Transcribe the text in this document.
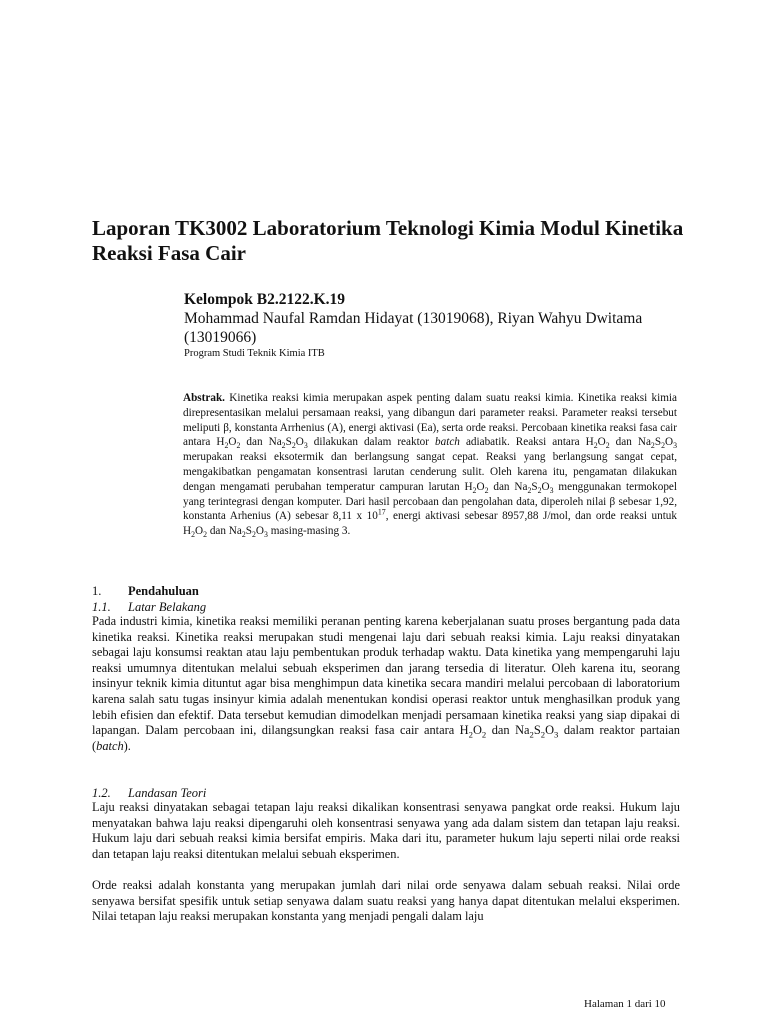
Laporan TK3002 Laboratorium Teknologi Kimia Modul Kinetika Reaksi Fasa Cair
Kelompok B2.2122.K.19
Mohammad Naufal Ramdan Hidayat (13019068), Riyan Wahyu Dwitama (13019066)
Program Studi Teknik Kimia ITB
Abstrak. Kinetika reaksi kimia merupakan aspek penting dalam suatu reaksi kimia. Kinetika reaksi kimia direpresentasikan melalui persamaan reaksi, yang dibangun dari parameter reaksi. Parameter reaksi tersebut meliputi β, konstanta Arrhenius (A), energi aktivasi (Ea), serta orde reaksi. Percobaan kinetika reaksi fasa cair antara $H_2O_2$ dan $Na_2S_2O_3$ dilakukan dalam reaktor batch adiabatik. Reaksi antara $H_2O_2$ dan $Na_2S_2O_3$ merupakan reaksi eksotermik dan berlangsung sangat cepat. Reaksi yang berlangsung sangat cepat, mengakibatkan pengamatan konsentrasi larutan cenderung sulit. Oleh karena itu, pengamatan dilakukan dengan mengamati perubahan temperatur campuran larutan $H_2O_2$ dan $Na_2S_2O_3$ menggunakan termokopel yang terintegrasi dengan komputer. Dari hasil percobaan dan pengolahan data, diperoleh nilai β sebesar 1,92, konstanta Arhenius (A) sebesar 8,11 x $10^{17}$, energi aktivasi sebesar 8957,88 J/mol, dan orde reaksi untuk $H_2O_2$ dan $Na_2S_2O_3$ masing-masing 3.
1. Pendahuluan
1.1. Latar Belakang
Pada industri kimia, kinetika reaksi memiliki peranan penting karena keberjalanan suatu proses bergantung pada data kinetika reaksi. Kinetika reaksi merupakan studi mengenai laju dari sebuah reaksi kimia. Laju reaksi dinyatakan sebagai laju konsumsi reaktan atau laju pembentukan produk terhadap waktu. Data kinetika yang mempengaruhi laju reaksi umumnya ditentukan melalui sebuah eksperimen dan jarang tersedia di literatur. Oleh karena itu, seorang insinyur teknik kimia dituntut agar bisa menghimpun data kinetika secara mandiri melalui percobaan di laboratorium karena salah satu tugas insinyur kimia adalah menentukan kondisi operasi reaktor untuk menghasilkan produk yang lebih efisien dan efektif. Data tersebut kemudian dimodelkan menjadi persamaan kinetika reaksi yang siap dipakai di lapangan. Dalam percobaan ini, dilangsungkan reaksi fasa cair antara $H_2O_2$ dan $Na_2S_2O_3$ dalam reaktor partaian (batch).
1.2. Landasan Teori
Laju reaksi dinyatakan sebagai tetapan laju reaksi dikalikan konsentrasi senyawa pangkat orde reaksi. Hukum laju menyatakan bahwa laju reaksi dipengaruhi oleh konsentrasi senyawa yang ada dalam sistem dan tetapan laju reaksi. Hukum laju dari sebuah reaksi kimia bersifat empiris. Maka dari itu, parameter hukum laju seperti nilai orde reaksi dan tetapan laju reaksi ditentukan melalui sebuah eksperimen.
Orde reaksi adalah konstanta yang merupakan jumlah dari nilai orde senyawa dalam sebuah reaksi. Nilai orde senyawa bersifat spesifik untuk setiap senyawa dalam suatu reaksi yang hanya dapat ditentukan melalui eksperimen. Nilai tetapan laju reaksi merupakan konstanta yang menjadi pengali dalam laju
Halaman 1 dari 10
